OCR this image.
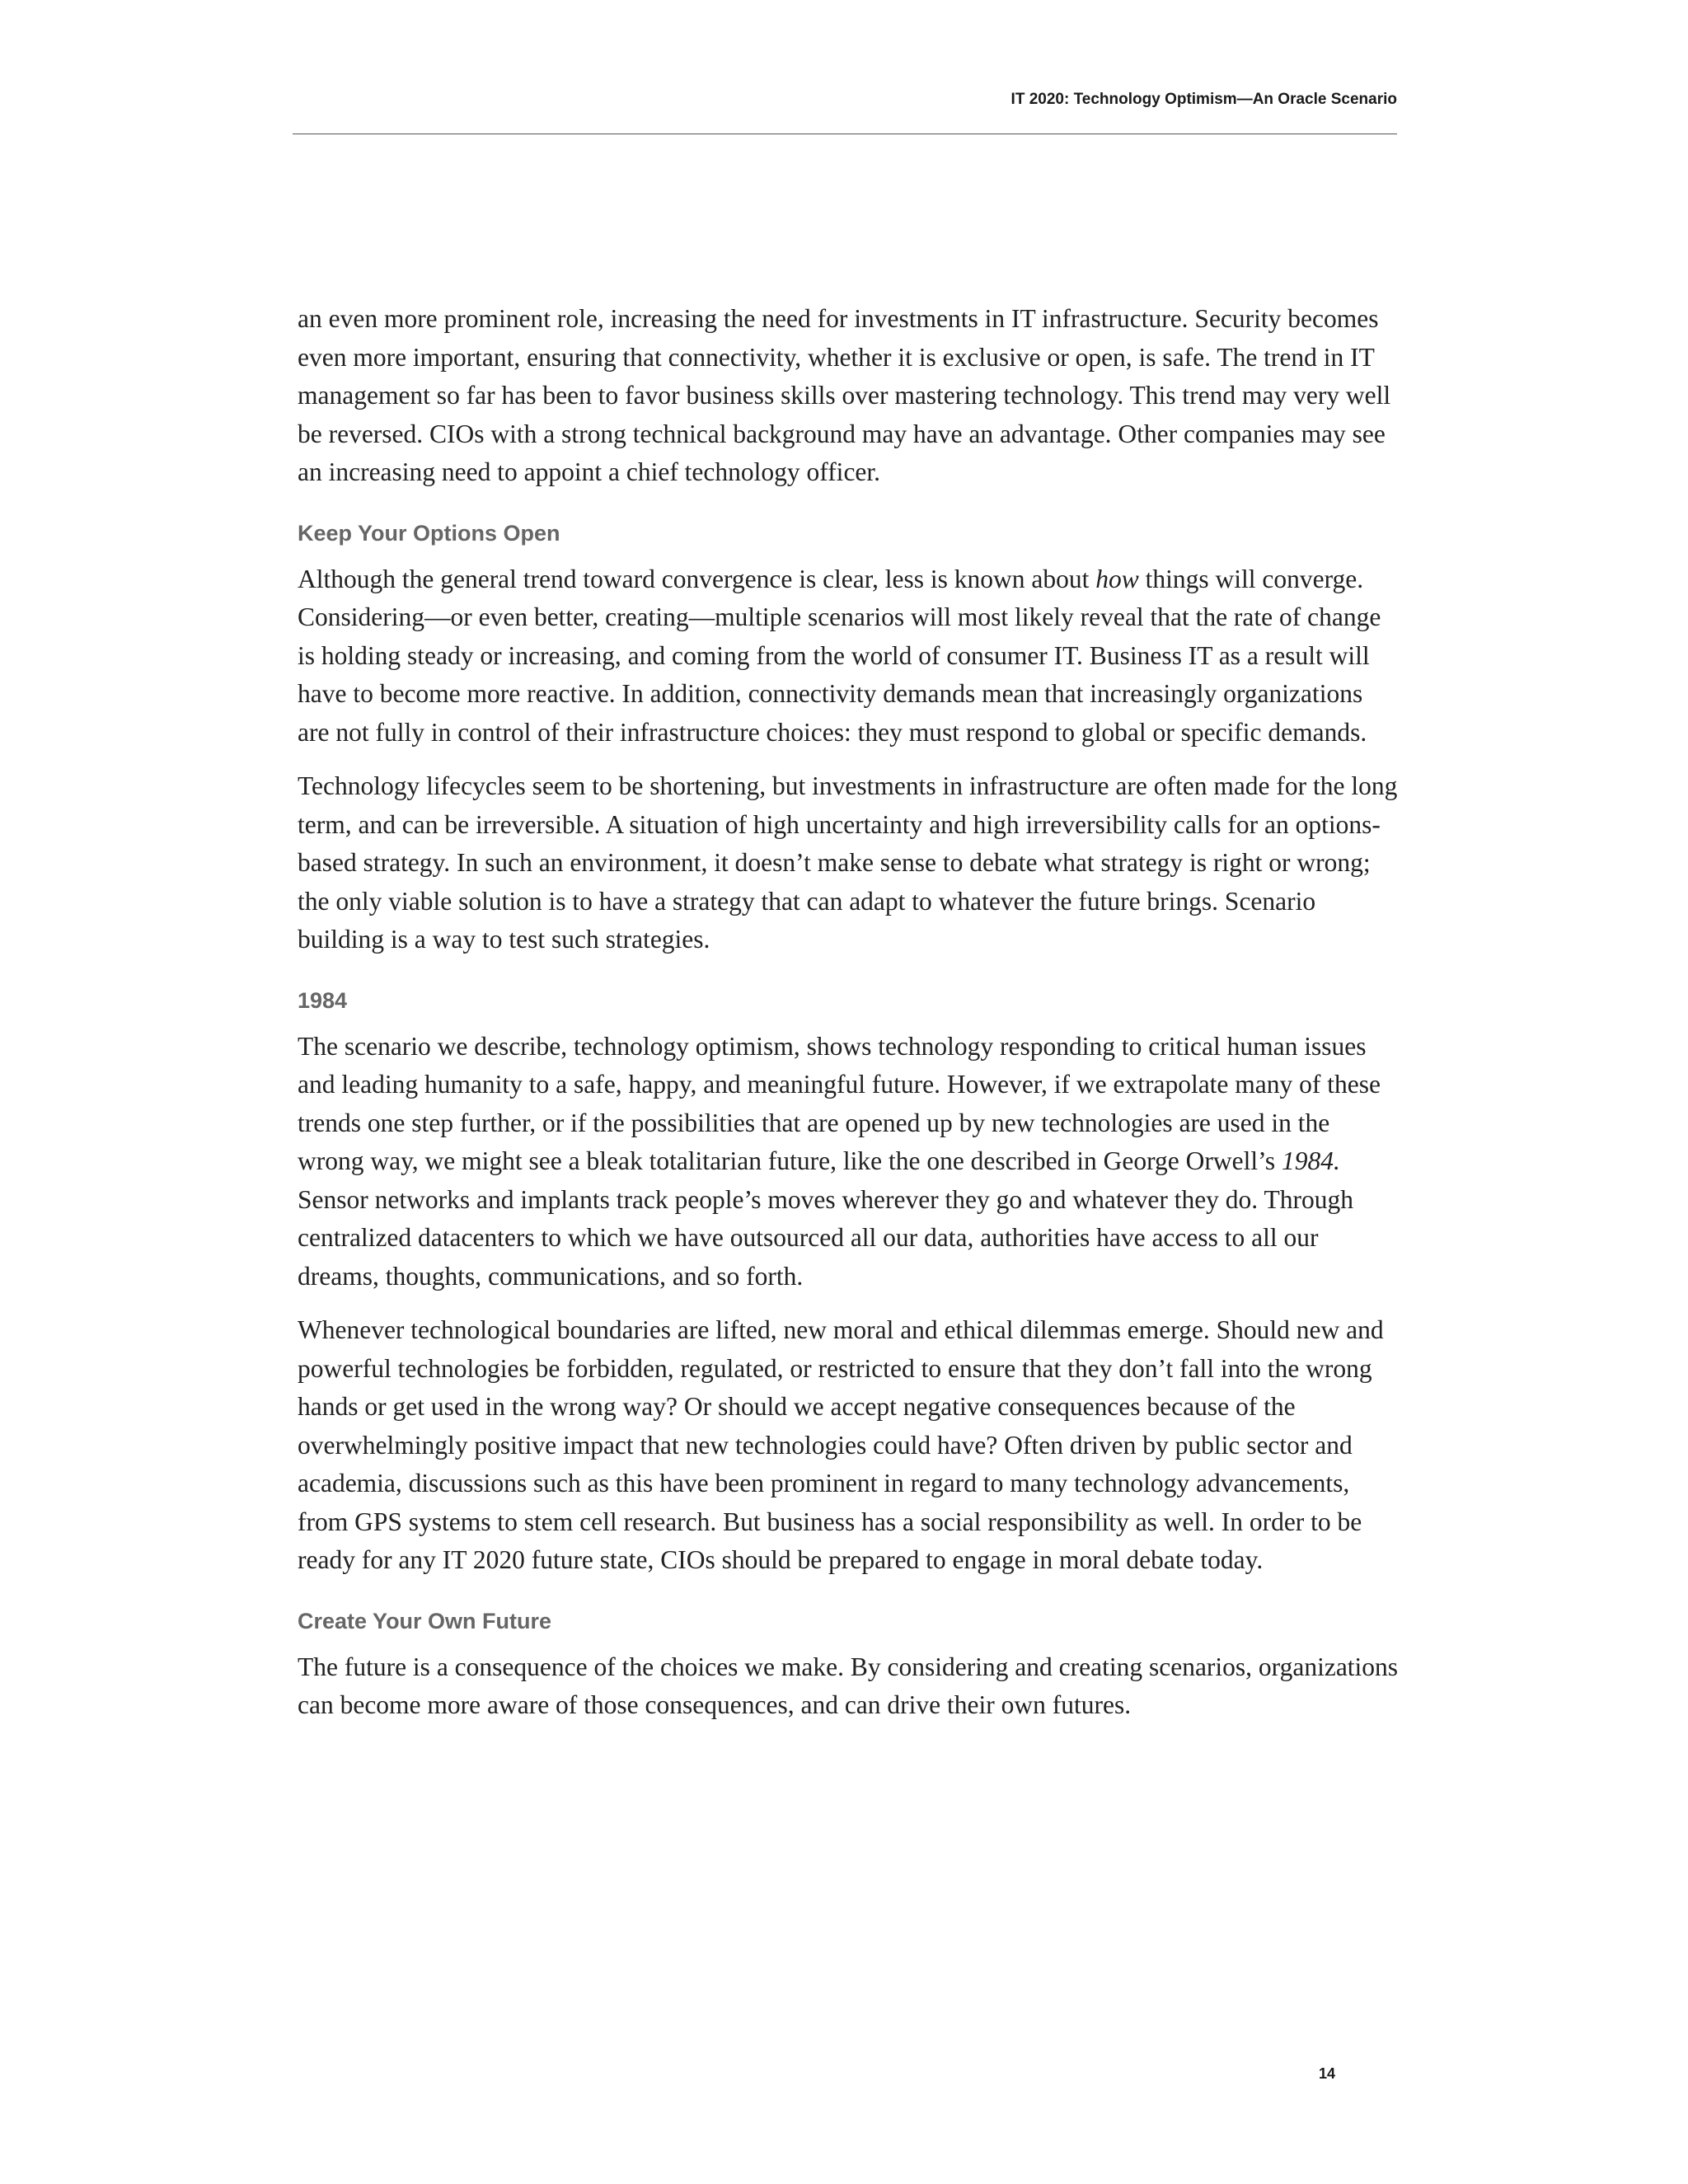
IT 2020: Technology Optimism—An Oracle Scenario

an even more prominent role, increasing the need for investments in IT infrastructure. Security becomes even more important, ensuring that connectivity, whether it is exclusive or open, is safe. The trend in IT management so far has been to favor business skills over mastering technology. This trend may very well be reversed. CIOs with a strong technical background may have an advantage. Other companies may see an increasing need to appoint a chief technology officer.

Keep Your Options Open

Although the general trend toward convergence is clear, less is known about how things will converge. Considering—or even better, creating—multiple scenarios will most likely reveal that the rate of change is holding steady or increasing, and coming from the world of consumer IT. Business IT as a result will have to become more reactive. In addition, connectivity demands mean that increasingly organizations are not fully in control of their infrastructure choices: they must respond to global or specific demands.

Technology lifecycles seem to be shortening, but investments in infrastructure are often made for the long term, and can be irreversible. A situation of high uncertainty and high irreversibility calls for an options-based strategy. In such an environment, it doesn’t make sense to debate what strategy is right or wrong; the only viable solution is to have a strategy that can adapt to whatever the future brings. Scenario building is a way to test such strategies.

1984

The scenario we describe, technology optimism, shows technology responding to critical human issues and leading humanity to a safe, happy, and meaningful future. However, if we extrapolate many of these trends one step further, or if the possibilities that are opened up by new technologies are used in the wrong way, we might see a bleak totalitarian future, like the one described in George Orwell’s 1984. Sensor networks and implants track people’s moves wherever they go and whatever they do. Through centralized datacenters to which we have outsourced all our data, authorities have access to all our dreams, thoughts, communications, and so forth.

Whenever technological boundaries are lifted, new moral and ethical dilemmas emerge. Should new and powerful technologies be forbidden, regulated, or restricted to ensure that they don’t fall into the wrong hands or get used in the wrong way? Or should we accept negative consequences because of the overwhelmingly positive impact that new technologies could have? Often driven by public sector and academia, discussions such as this have been prominent in regard to many technology advancements, from GPS systems to stem cell research. But business has a social responsibility as well. In order to be ready for any IT 2020 future state, CIOs should be prepared to engage in moral debate today.

Create Your Own Future

The future is a consequence of the choices we make. By considering and creating scenarios, organizations can become more aware of those consequences, and can drive their own futures.

14
